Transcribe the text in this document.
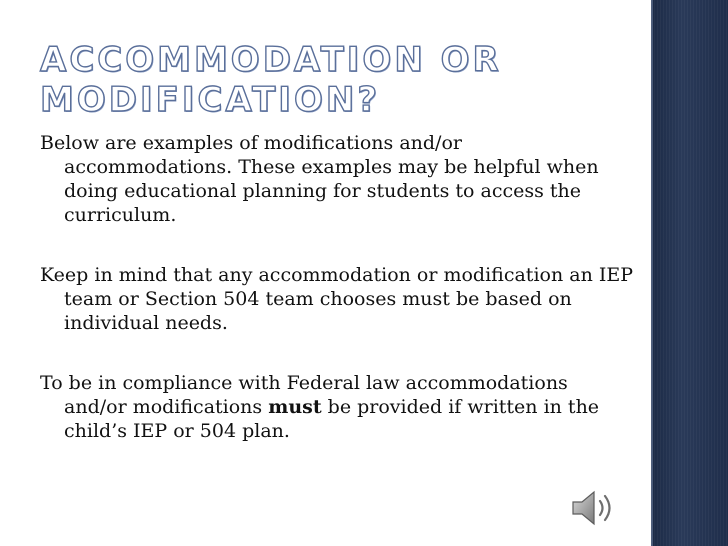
ACCOMMODATION OR
MODIFICATION?

Below are examples of modifications and/or accommodations. These examples may be helpful when doing educational planning for students to access the curriculum.

Keep in mind that any accommodation or modification an IEP team or Section 504 team chooses must be based on individual needs.

To be in compliance with Federal law accommodations and/or modifications must be provided if written in the child’s IEP or 504 plan.
